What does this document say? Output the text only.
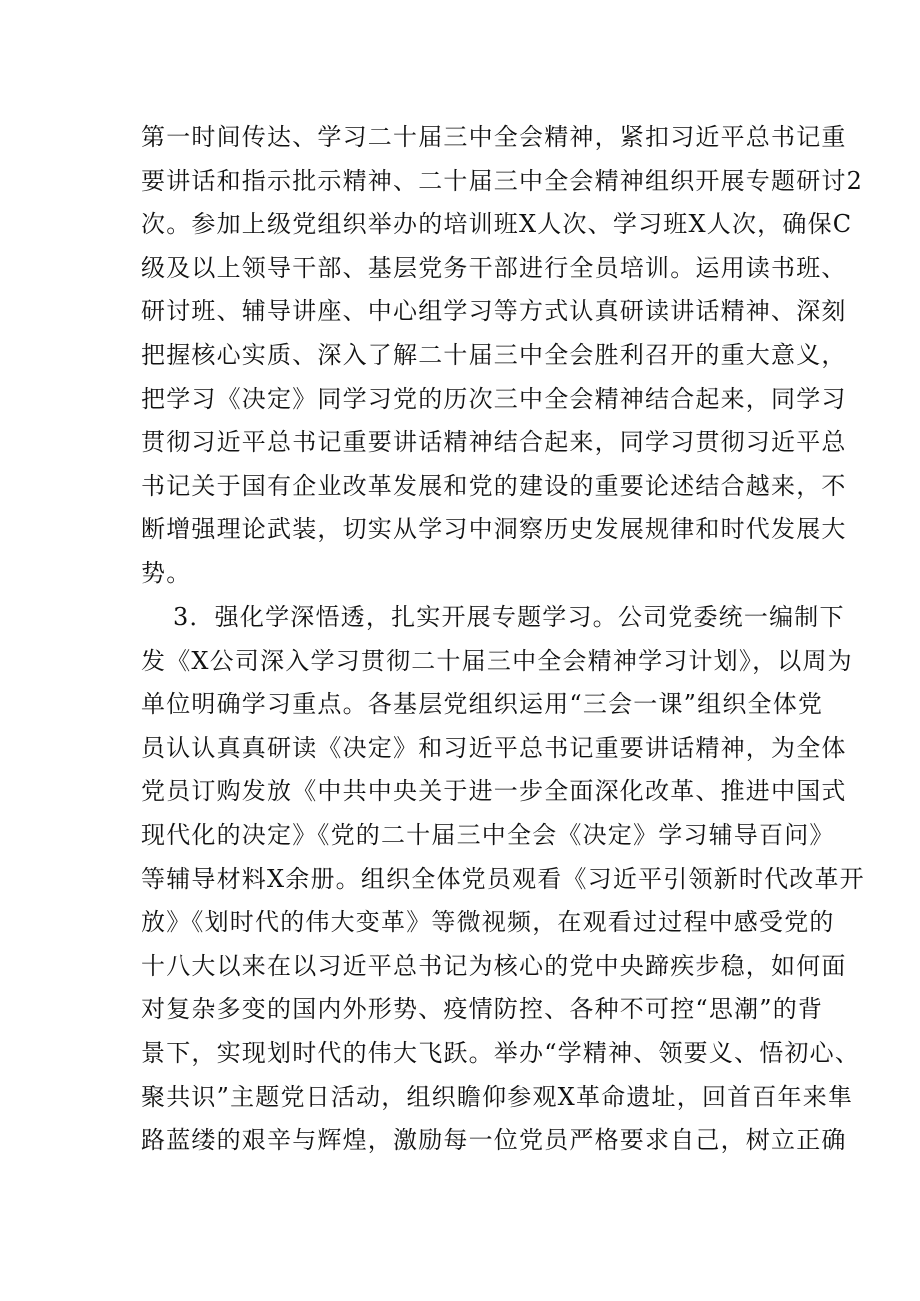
第一时间传达、学习二十届三中全会精神，紧扣习近平总书记重
要讲话和指示批示精神、二十届三中全会精神组织开展专题研讨2
次。参加上级党组织举办的培训班X人次、学习班X人次，确保C
级及以上领导干部、基层党务干部进行全员培训。运用读书班、
研讨班、辅导讲座、中心组学习等方式认真研读讲话精神、深刻
把握核心实质、深入了解二十届三中全会胜利召开的重大意义，
把学习《决定》同学习党的历次三中全会精神结合起来，同学习
贯彻习近平总书记重要讲话精神结合起来，同学习贯彻习近平总
书记关于国有企业改革发展和党的建设的重要论述结合越来，不
断增强理论武装，切实从学习中洞察历史发展规律和时代发展大
势。
3．强化学深悟透，扎实开展专题学习。公司党委统一编制下
发《X公司深入学习贯彻二十届三中全会精神学习计划》，以周为
单位明确学习重点。各基层党组织运用“三会一课”组织全体党
员认认真真研读《决定》和习近平总书记重要讲话精神，为全体
党员订购发放《中共中央关于进一步全面深化改革、推进中国式
现代化的决定》《党的二十届三中全会《决定》学习辅导百问》
等辅导材料X余册。组织全体党员观看《习近平引领新时代改革开
放》《划时代的伟大变革》等微视频，在观看过过程中感受党的
十八大以来在以习近平总书记为核心的党中央蹄疾步稳，如何面
对复杂多变的国内外形势、疫情防控、各种不可控“思潮”的背
景下，实现划时代的伟大飞跃。举办“学精神、领要义、悟初心、
聚共识”主题党日活动，组织瞻仰参观X革命遗址，回首百年来隼
路蓝缕的艰辛与辉煌，激励每一位党员严格要求自己，树立正确
